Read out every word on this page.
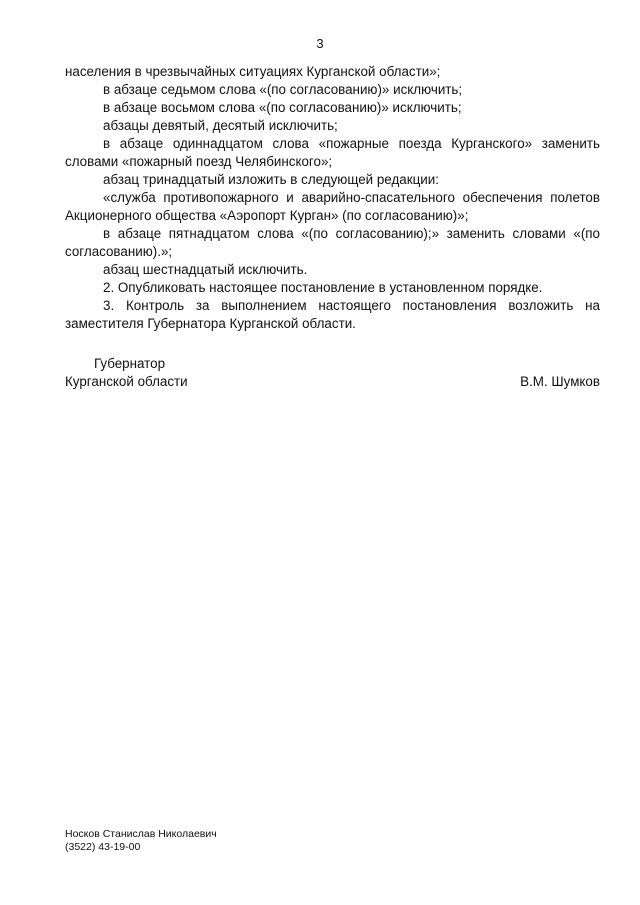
3

населения в чрезвычайных ситуациях Курганской области»;

в абзаце седьмом слова «(по согласованию)» исключить;

в абзаце восьмом слова «(по согласованию)» исключить;

абзацы девятый, десятый исключить;

в абзаце одиннадцатом слова «пожарные поезда Курганского» заменить словами «пожарный поезд Челябинского»;

абзац тринадцатый изложить в следующей редакции:

«служба противопожарного и аварийно-спасательного обеспечения полетов Акционерного общества «Аэропорт Курган» (по согласованию)»;

в абзаце пятнадцатом слова «(по согласованию);» заменить словами «(по согласованию).»;

абзац шестнадцатый исключить.

2. Опубликовать настоящее постановление в установленном порядке.

3. Контроль за выполнением настоящего постановления возложить на заместителя Губернатора Курганской области.

Губернатор
Курганской области	В.М. Шумков
Носков Станислав Николаевич
(3522) 43-19-00
